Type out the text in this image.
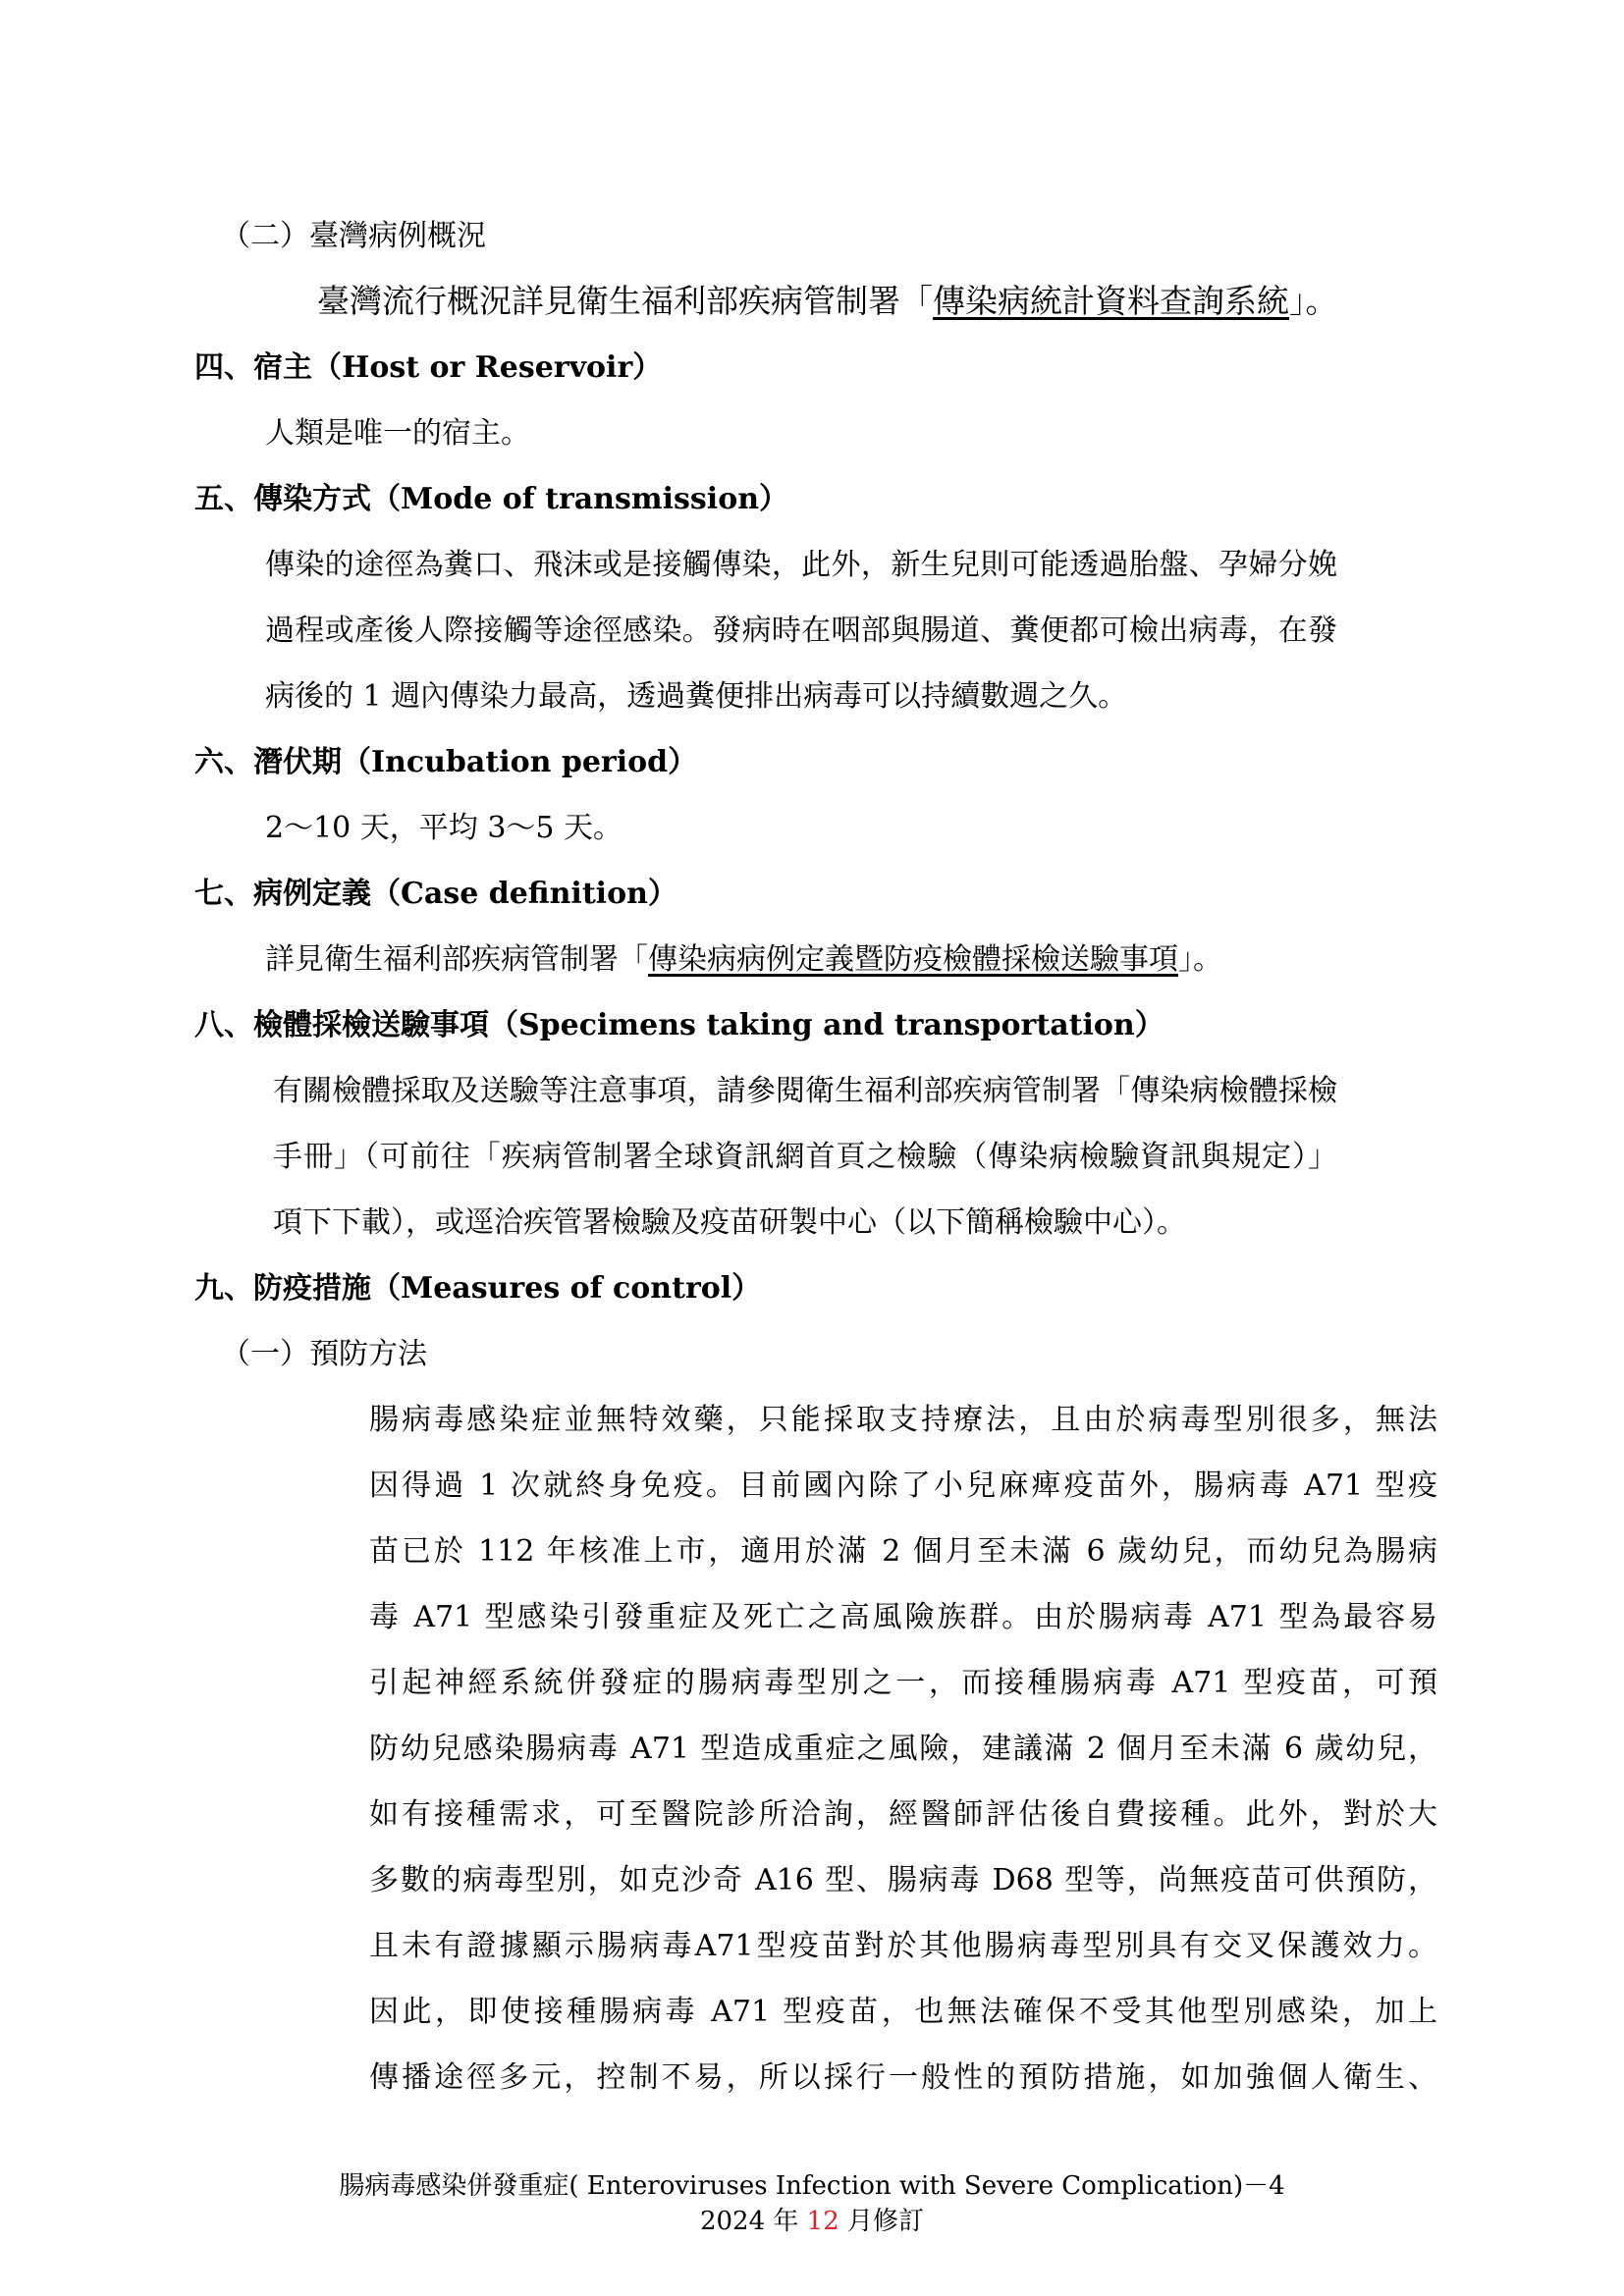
（二）臺灣病例概況
臺灣流行概況詳見衛生福利部疾病管制署「傳染病統計資料查詢系統」。
四、宿主（Host or Reservoir）
人類是唯一的宿主。
五、傳染方式（Mode of transmission）
傳染的途徑為糞口、飛沫或是接觸傳染，此外，新生兒則可能透過胎盤、孕婦分娩
過程或產後人際接觸等途徑感染。發病時在咽部與腸道、糞便都可檢出病毒，在發
病後的 1 週內傳染力最高，透過糞便排出病毒可以持續數週之久。
六、潛伏期（Incubation period）
2～10 天，平均 3～5 天。
七、病例定義（Case definition）
詳見衛生福利部疾病管制署「傳染病病例定義暨防疫檢體採檢送驗事項」。
八、檢體採檢送驗事項（Specimens taking and transportation）
有關檢體採取及送驗等注意事項，請參閱衛生福利部疾病管制署「傳染病檢體採檢
手冊」（可前往「疾病管制署全球資訊網首頁之檢驗（傳染病檢驗資訊與規定）」
項下下載），或逕洽疾管署檢驗及疫苗研製中心（以下簡稱檢驗中心）。
九、防疫措施（Measures of control）
（一）預防方法
腸病毒感染症並無特效藥，只能採取支持療法，且由於病毒型別很多，無法
因得過 1 次就終身免疫。目前國內除了小兒麻痺疫苗外，腸病毒 A71 型疫
苗已於 112 年核准上市，適用於滿 2 個月至未滿 6 歲幼兒，而幼兒為腸病
毒 A71 型感染引發重症及死亡之高風險族群。由於腸病毒 A71 型為最容易
引起神經系統併發症的腸病毒型別之一，而接種腸病毒 A71 型疫苗，可預
防幼兒感染腸病毒 A71 型造成重症之風險，建議滿 2 個月至未滿 6 歲幼兒，
如有接種需求，可至醫院診所洽詢，經醫師評估後自費接種。此外，對於大
多數的病毒型別，如克沙奇 A16 型、腸病毒 D68 型等，尚無疫苗可供預防，
且未有證據顯示腸病毒A71型疫苗對於其他腸病毒型別具有交叉保護效力。
因此，即使接種腸病毒 A71 型疫苗，也無法確保不受其他型別感染，加上
傳播途徑多元，控制不易，所以採行一般性的預防措施，如加強個人衛生、
腸病毒感染併發重症( Enteroviruses Infection with Severe Complication)－4
2024 年 12 月修訂
